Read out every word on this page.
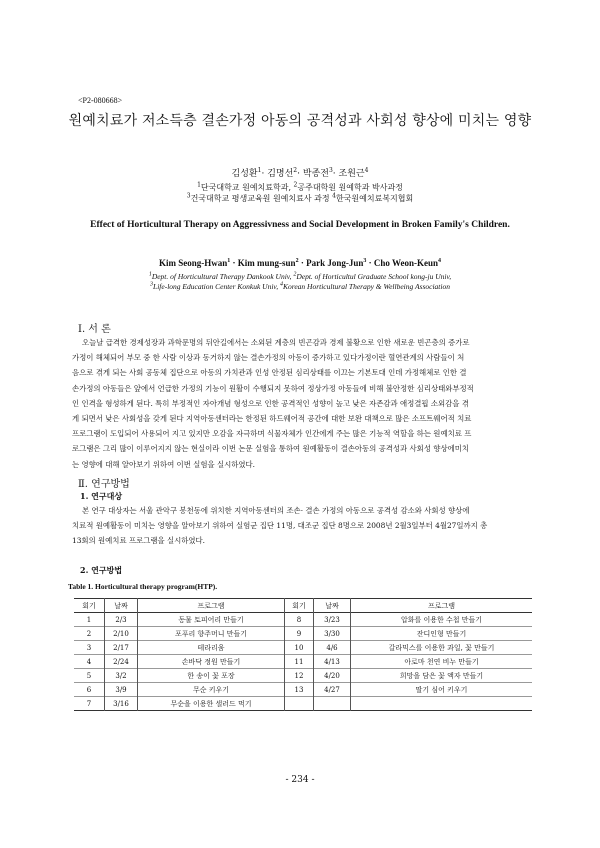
<P2-080668>
원예치료가 저소득층 결손가정 아동의 공격성과 사회성 향상에 미치는 영향
김성환$^1$· 김명선$^2$· 박종전$^3$· 조원근$^4$
$^1$단국대학교 원예치료학과, $^2$공주대학원 원예학과 박사과정
$^3$건국대학교 평생교육원 원예치료사 과정 $^4$한국원예치료복지협회
Effect of Horticultural Therapy on Aggressivness and Social Development in Broken Family's Children.
Kim Seong-Hwan$^1$ · Kim mung-sun$^2$ · Park Jong-Jun$^3$ · Cho Weon-Keun$^4$
$^1$Dept. of Horticultural Therapy Dankook Univ, $^2$Dept. of Horticultul Graduate School kong-ju Univ,
$^3$Life-long Education Center Konkuk Univ, $^4$Korean Horticultural Therapy & Wellbeing Association
Ⅰ. 서 론
오늘날 급격한 경제성장과 과학문명의 뒤안길에서는 소외된 계층의 빈곤감과 경제 불황으로 인한 새로운 빈곤층의 증가로
가정이 해체되어 부모 중 한 사람 이상과 동거하지 않는 결손가정의 아동이 증가하고 있다가정이란 혈연관계의 사람들이 처
음으로 겪게 되는 사회 공동체 집단으로 아동의 가치관과 인성 안정된 심리상태를 이끄는 기본토대 인데 가정해체로 인한 결
손가정의 아동들은 앞에서 언급한 가정의 기능이 원활이 수행되지 못하여 정상가정 아동들에 비해 불안정한 심리상태와부정적
인 인격을 형성하게 된다. 특히 부정적인 자아개념 형성으로 인한 공격적인 성향이 높고 낮은 자존감과 애정결핍 소외감을 겪
게 되면서 낮은 사회성을 갖게 된다 지역아동센터라는 한정된 하드웨어적 공간에 대한 보완 대책으로 많은 소프트웨어적 치료
프로그램이 도입되어 사용되어 지고 있지만 오감을 자극하며 식물자체가 인간에게 주는 많은 기능적 역할을 하는 원예치료 프
로그램은 그리 많이 이루어지지 않는 현실이라 이번 논문 실험을 통하여 원예활동이 결손아동의 공격성과 사회성 향상에미치
는 영향에 대해 알아보기 위하여 이번 실험을 실시하였다.
Ⅱ. 연구방법
1. 연구대상
본 연구 대상자는 서울 관악구 봉천동에 위치한 지역아동센터의 조손· 결손 가정의 아동으로 공격성 감소와 사회성 향상에
치료적 원예활동이 미치는 영향을 알아보기 위하여 실험군 집단 11명, 대조군 집단 8명으로 2008년 2월3일부터 4월27일까지 총
13회의 원예치료 프로그램을 실시하였다.
2. 연구방법
Table 1. Horticultural therapy program(HTP).
회기	날짜	프로그램	회기	날짜	프로그램
1	2/3	동물 토피어리 만들기	8	3/23	압화를 이용한 수첩 만들기
2	2/10	포푸리 향주머니 만들기	9	3/30	잔디인형 만들기
3	2/17	테라리움	10	4/6	갈라믹스를 이용한 과일, 꽃 만들기
4	2/24	손바닥 정원 만들기	11	4/13	아로마 천연 비누 만들기
5	3/2	한 송이 꽃 포장	12	4/20	희망을 담은 꽃 액자 만들기
6	3/9	무순 키우기	13	4/27	딸기 심어 키우기
7	3/16	무순을 이용한 샐러드 먹기			
- 234 -
